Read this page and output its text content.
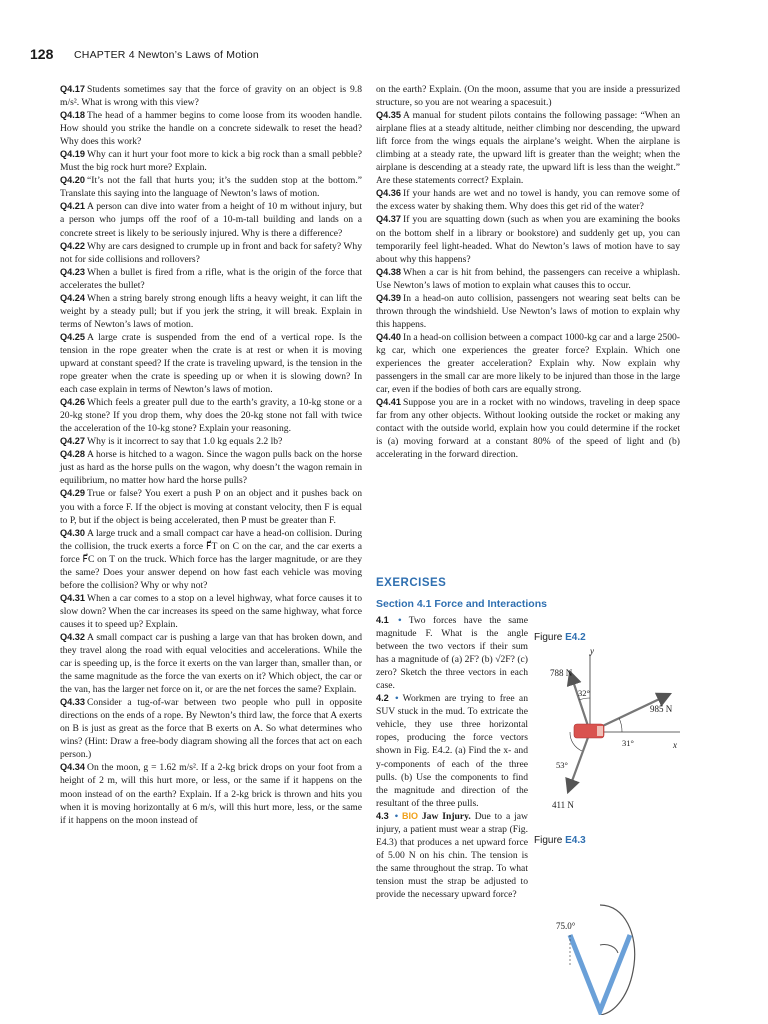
128 CHAPTER 4 Newton’s Laws of Motion
Q4.17 Students sometimes say that the force of gravity on an object is 9.8 m/s². What is wrong with this view?
Q4.18 The head of a hammer begins to come loose from its wooden handle. How should you strike the handle on a concrete sidewalk to reset the head? Why does this work?
Q4.19 Why can it hurt your foot more to kick a big rock than a small pebble? Must the big rock hurt more? Explain.
Q4.20 “It’s not the fall that hurts you; it’s the sudden stop at the bottom.” Translate this saying into the language of Newton’s laws of motion.
Q4.21 A person can dive into water from a height of 10 m without injury, but a person who jumps off the roof of a 10-m-tall building and lands on a concrete street is likely to be seriously injured. Why is there a difference?
Q4.22 Why are cars designed to crumple up in front and back for safety? Why not for side collisions and rollovers?
Q4.23 When a bullet is fired from a rifle, what is the origin of the force that accelerates the bullet?
Q4.24 When a string barely strong enough lifts a heavy weight, it can lift the weight by a steady pull; but if you jerk the string, it will break. Explain in terms of Newton’s laws of motion.
Q4.25 A large crate is suspended from the end of a vertical rope. Is the tension in the rope greater when the crate is at rest or when it is moving upward at constant speed? If the crate is traveling upward, is the tension in the rope greater when the crate is speeding up or when it is slowing down? In each case explain in terms of Newton’s laws of motion.
Q4.26 Which feels a greater pull due to the earth’s gravity, a 10-kg stone or a 20-kg stone? If you drop them, why does the 20-kg stone not fall with twice the acceleration of the 10-kg stone? Explain your reasoning.
Q4.27 Why is it incorrect to say that 1.0 kg equals 2.2 lb?
Q4.28 A horse is hitched to a wagon. Since the wagon pulls back on the horse just as hard as the horse pulls on the wagon, why doesn’t the wagon remain in equilibrium, no matter how hard the horse pulls?
Q4.29 True or false? You exert a push P on an object and it pushes back on you with a force F. If the object is moving at constant velocity, then F is equal to P, but if the object is being accelerated, then P must be greater than F.
Q4.30 A large truck and a small compact car have a head-on collision. During the collision, the truck exerts a force F⃗T on C on the car, and the car exerts a force F⃗C on T on the truck. Which force has the larger magnitude, or are they the same? Does your answer depend on how fast each vehicle was moving before the collision? Why or why not?
Q4.31 When a car comes to a stop on a level highway, what force causes it to slow down? When the car increases its speed on the same highway, what force causes it to speed up? Explain.
Q4.32 A small compact car is pushing a large van that has broken down, and they travel along the road with equal velocities and accelerations. While the car is speeding up, is the force it exerts on the van larger than, smaller than, or the same magnitude as the force the van exerts on it? Which object, the car or the van, has the larger net force on it, or are the net forces the same? Explain.
Q4.33 Consider a tug-of-war between two people who pull in opposite directions on the ends of a rope. By Newton’s third law, the force that A exerts on B is just as great as the force that B exerts on A. So what determines who wins? (Hint: Draw a free-body diagram showing all the forces that act on each person.)
Q4.34 On the moon, g = 1.62 m/s². If a 2-kg brick drops on your foot from a height of 2 m, will this hurt more, or less, or the same if it happens on the moon instead of on the earth? Explain. If a 2-kg brick is thrown and hits you when it is moving horizontally at 6 m/s, will this hurt more, less, or the same if it happens on the moon instead of
on the earth? Explain. (On the moon, assume that you are inside a pressurized structure, so you are not wearing a spacesuit.)
Q4.35 A manual for student pilots contains the following passage: “When an airplane flies at a steady altitude, neither climbing nor descending, the upward lift force from the wings equals the airplane’s weight. When the airplane is climbing at a steady rate, the upward lift is greater than the weight; when the airplane is descending at a steady rate, the upward lift is less than the weight.” Are these statements correct? Explain.
Q4.36 If your hands are wet and no towel is handy, you can remove some of the excess water by shaking them. Why does this get rid of the water?
Q4.37 If you are squatting down (such as when you are examining the books on the bottom shelf in a library or bookstore) and suddenly get up, you can temporarily feel light-headed. What do Newton’s laws of motion have to say about why this happens?
Q4.38 When a car is hit from behind, the passengers can receive a whiplash. Use Newton’s laws of motion to explain what causes this to occur.
Q4.39 In a head-on auto collision, passengers not wearing seat belts can be thrown through the windshield. Use Newton’s laws of motion to explain why this happens.
Q4.40 In a head-on collision between a compact 1000-kg car and a large 2500-kg car, which one experiences the greater force? Explain. Which one experiences the greater acceleration? Explain why. Now explain why passengers in the small car are more likely to be injured than those in the large car, even if the bodies of both cars are equally strong.
Q4.41 Suppose you are in a rocket with no windows, traveling in deep space far from any other objects. Without looking outside the rocket or making any contact with the outside world, explain how you could determine if the rocket is (a) moving forward at a constant 80% of the speed of light and (b) accelerating in the forward direction.
EXERCISES
Section 4.1 Force and Interactions
4.1 • Two forces have the same magnitude F. What is the angle between the two vectors if their sum has a magnitude of (a) 2F? (b) √2F? (c) zero? Sketch the three vectors in each case.
4.2 • Workmen are trying to free an SUV stuck in the mud. To extricate the vehicle, they use three horizontal ropes, producing the force vectors shown in Fig. E4.2. (a) Find the x- and y-components of each of the three pulls. (b) Use the components to find the magnitude and direction of the resultant of the three pulls.
4.3 • BIO Jaw Injury. Due to a jaw injury, a patient must wear a strap (Fig. E4.3) that produces a net upward force of 5.00 N on his chin. The tension is the same throughout the strap. To what tension must the strap be adjusted to provide the necessary upward force?
Figure E4.2
y
x
788 N
985 N
411 N
32°
31°
53°
Figure E4.3
75.0°
